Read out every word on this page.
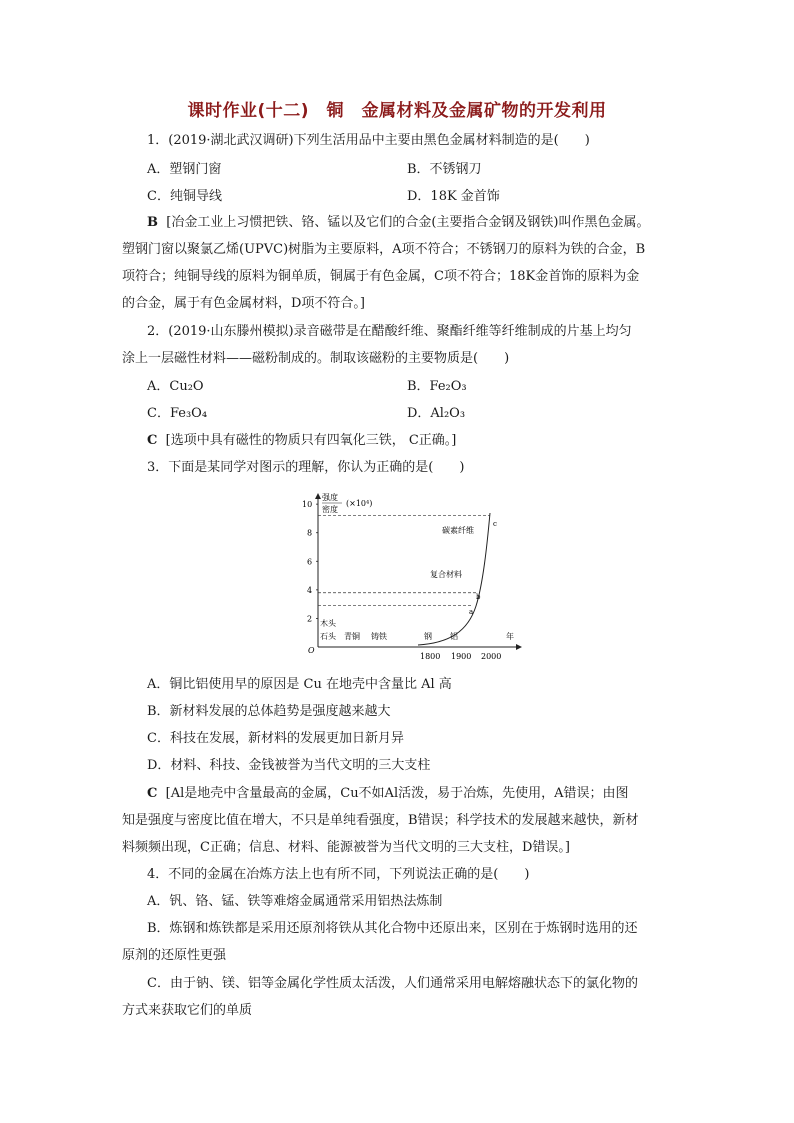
课时作业(十二)　铜　金属材料及金属矿物的开发利用
1．(2019·湖北武汉调研)下列生活用品中主要由黑色金属材料制造的是(　　)
A．塑钢门窗	B．不锈钢刀
C．纯铜导线	D．18K 金首饰
B [冶金工业上习惯把铁、铬、锰以及它们的合金(主要指合金钢及钢铁)叫作黑色金属。
塑钢门窗以聚氯乙烯(UPVC)树脂为主要原料，A项不符合；不锈钢刀的原料为铁的合金，B
项符合；纯铜导线的原料为铜单质，铜属于有色金属，C项不符合；18K金首饰的原料为金
的合金，属于有色金属材料，D项不符合。]
2．(2019·山东滕州模拟)录音磁带是在醋酸纤维、聚酯纤维等纤维制成的片基上均匀
涂上一层磁性材料——磁粉制成的。制取该磁粉的主要物质是(　　)
A．Cu₂O	B．Fe₂O₃
C．Fe₃O₄	D．Al₂O₃
C [选项中具有磁性的物质只有四氧化三铁， C正确。]
3．下面是某同学对图示的理解，你认为正确的是(　　)
强度
密度
(×10⁴)
2
4
6
8
10
碳素纤维
复合材料
c
b
a
木头
石头 青铜 铸铁	钢 铝
O
1800 1900 2000
年
A．铜比铝使用早的原因是 Cu 在地壳中含量比 Al 高
B．新材料发展的总体趋势是强度越来越大
C．科技在发展，新材料的发展更加日新月异
D．材料、科技、金钱被誉为当代文明的三大支柱
C [Al是地壳中含量最高的金属，Cu不如Al活泼，易于冶炼，先使用，A错误；由图
知是强度与密度比值在增大，不只是单纯看强度，B错误；科学技术的发展越来越快，新材
料频频出现，C正确；信息、材料、能源被誉为当代文明的三大支柱，D错误。]
4．不同的金属在冶炼方法上也有所不同，下列说法正确的是(　　)
A．钒、铬、锰、铁等难熔金属通常采用铝热法炼制
B．炼钢和炼铁都是采用还原剂将铁从其化合物中还原出来，区别在于炼钢时选用的还
原剂的还原性更强
C．由于钠、镁、铝等金属化学性质太活泼，人们通常采用电解熔融状态下的氯化物的
方式来获取它们的单质
